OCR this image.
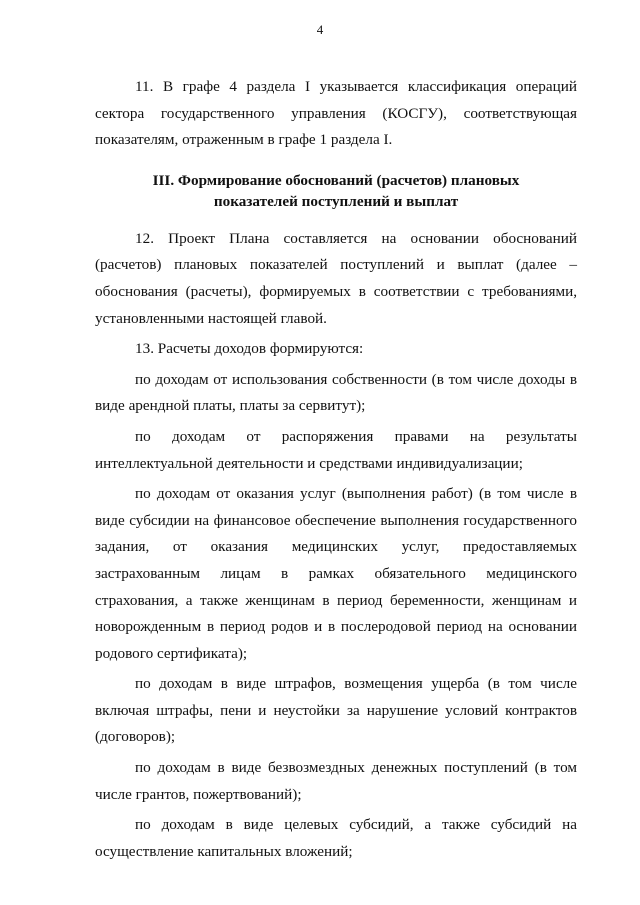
4

11. В графе 4 раздела I указывается классификация операций сектора государственного управления (КОСГУ), соответствующая показателям, отраженным в графе 1 раздела I.

III. Формирование обоснований (расчетов) плановых
показателей поступлений и выплат

12. Проект Плана составляется на основании обоснований (расчетов) плановых показателей поступлений и выплат (далее – обоснования (расчеты), формируемых в соответствии с требованиями, установленными настоящей главой.

13. Расчеты доходов формируются:

по доходам от использования собственности (в том числе доходы в виде арендной платы, платы за сервитут);

по доходам от распоряжения правами на результаты интеллектуальной деятельности и средствами индивидуализации;

по доходам от оказания услуг (выполнения работ) (в том числе в виде субсидии на финансовое обеспечение выполнения государственного задания, от оказания медицинских услуг, предоставляемых застрахованным лицам в рамках обязательного медицинского страхования, а также женщинам в период беременности, женщинам и новорожденным в период родов и в послеродовой период на основании родового сертификата);

по доходам в виде штрафов, возмещения ущерба (в том числе включая штрафы, пени и неустойки за нарушение условий контрактов (договоров);

по доходам в виде безвозмездных денежных поступлений (в том числе грантов, пожертвований);

по доходам в виде целевых субсидий, а также субсидий на осуществление капитальных вложений;
